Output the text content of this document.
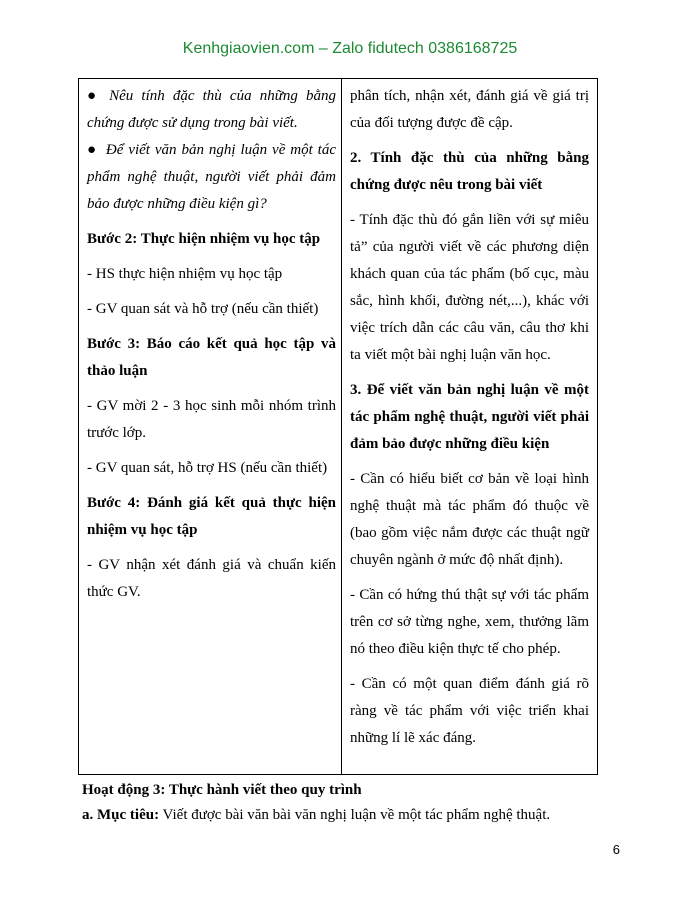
Kenhgiaovien.com – Zalo fidutech 0386168725

● Nêu tính đặc thù của những bằng chứng được sử dụng trong bài viết.

● Để viết văn bản nghị luận về một tác phẩm nghệ thuật, người viết phải đảm bảo được những điều kiện gì?

Bước 2: Thực hiện nhiệm vụ học tập

- HS thực hiện nhiệm vụ học tập

- GV quan sát và hỗ trợ (nếu cần thiết)

Bước 3: Báo cáo kết quả học tập và thảo luận

- GV mời 2 - 3 học sinh mỗi nhóm trình trước lớp.

- GV quan sát, hỗ trợ HS (nếu cần thiết)

Bước 4: Đánh giá kết quả thực hiện nhiệm vụ học tập

- GV nhận xét đánh giá và chuẩn kiến thức GV.

phân tích, nhận xét, đánh giá về giá trị của đối tượng được đề cập.

2. Tính đặc thù của những bằng chứng được nêu trong bài viết

- Tính đặc thù đó gắn liền với sự miêu tả” của người viết về các phương diện khách quan của tác phẩm (bố cục, màu sắc, hình khối, đường nét,...), khác với việc trích dẫn các câu văn, câu thơ khi ta viết một bài nghị luận văn học.

3. Để viết văn bản nghị luận về một tác phẩm nghệ thuật, người viết phải đảm bảo được những điều kiện

- Cần có hiểu biết cơ bản về loại hình nghệ thuật mà tác phẩm đó thuộc về (bao gồm việc nắm được các thuật ngữ chuyên ngành ở mức độ nhất định).

- Cần có hứng thú thật sự với tác phẩm trên cơ sở từng nghe, xem, thưởng lãm nó theo điều kiện thực tế cho phép.

- Cần có một quan điểm đánh giá rõ ràng về tác phẩm với việc triển khai những lí lẽ xác đáng.

Hoạt động 3: Thực hành viết theo quy trình
a. Mục tiêu: Viết được bài văn bài văn nghị luận về một tác phẩm nghệ thuật.
6
